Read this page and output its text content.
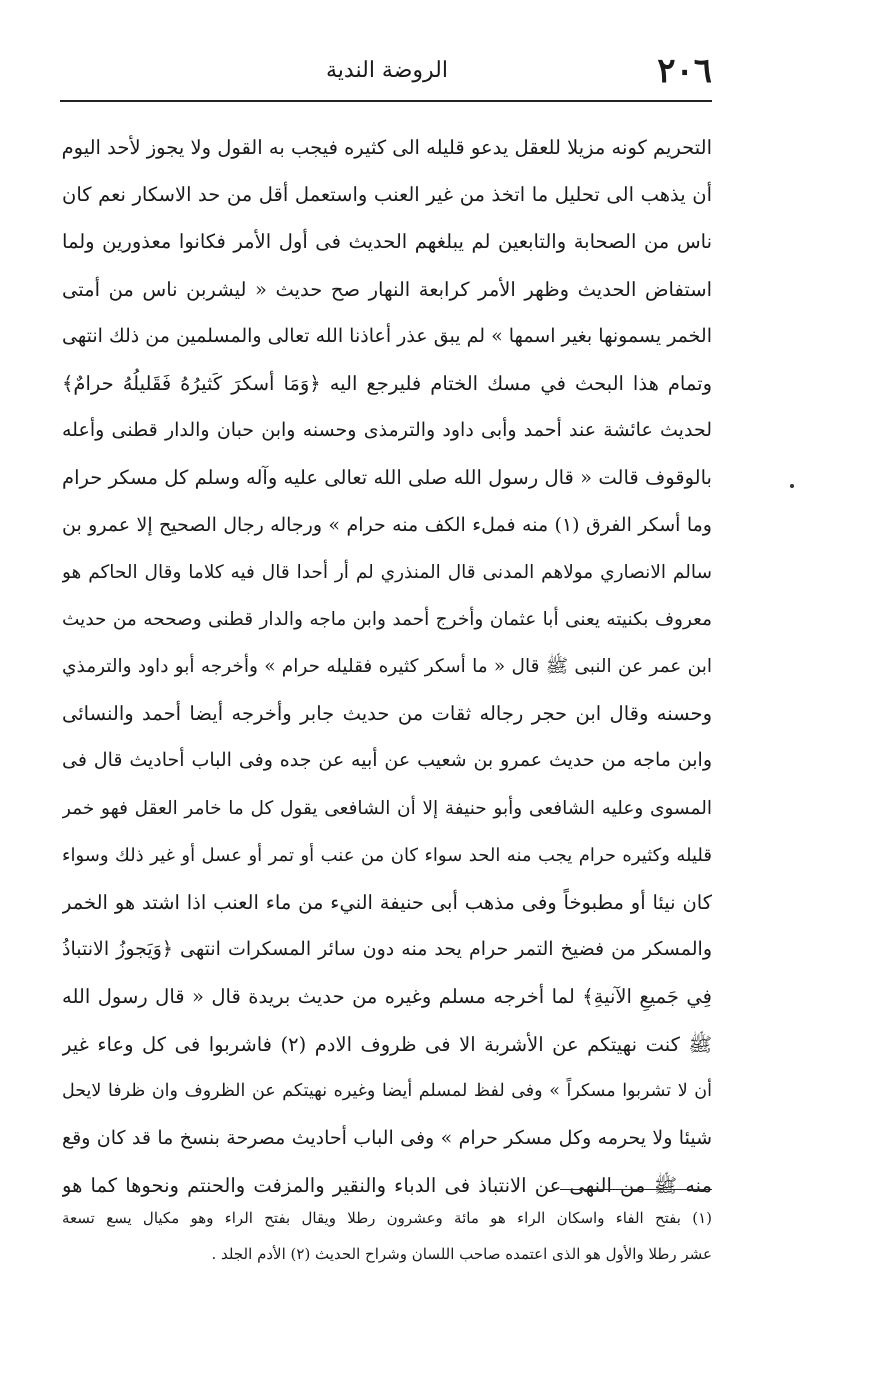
٢٠٦
الروضة الندية
التحريم كونه مزيلا للعقل يدعو قليله الى كثيره فيجب به القول ولا يجوز لأحد اليوم
أن يذهب الى تحليل ما اتخذ من غير العنب واستعمل أقل من حد الاسكار نعم كان
ناس من الصحابة والتابعين لم يبلغهم الحديث فى أول الأمر فكانوا معذورين ولما
استفاض الحديث وظهر الأمر كرابعة النهار صح حديث « ليشربن ناس من أمتى
الخمر يسمونها بغير اسمها » لم يبق عذر أعاذنا الله تعالى والمسلمين من ذلك انتهى
وتمام هذا البحث في مسك الختام فليرجع اليه ﴿وَمَا أسكرَ كَثيرُهُ فَقَليلُهُ حرامٌ﴾
لحديث عائشة عند أحمد وأبى داود والترمذى وحسنه وابن حبان والدار قطنى وأعله
بالوقوف قالت « قال رسول الله صلى الله تعالى عليه وآله وسلم كل مسكر حرام
وما أسكر الفرق (١) منه فملء الكف منه حرام » ورجاله رجال الصحيح إلا عمرو بن
سالم الانصاري مولاهم المدنى قال المنذري لم أر أحدا قال فيه كلاما وقال الحاكم هو
معروف بكنيته يعنى أبا عثمان وأخرج أحمد وابن ماجه والدار قطنى وصححه من حديث
ابن عمر عن النبى ﷺ قال « ما أسكر كثيره فقليله حرام » وأخرجه أبو داود والترمذي
وحسنه وقال ابن حجر رجاله ثقات من حديث جابر وأخرجه أيضا أحمد والنسائى
وابن ماجه من حديث عمرو بن شعيب عن أبيه عن جده وفى الباب أحاديث قال فى
المسوى وعليه الشافعى وأبو حنيفة إلا أن الشافعى يقول كل ما خامر العقل فهو خمر
قليله وكثيره حرام يجب منه الحد سواء كان من عنب أو تمر أو عسل أو غير ذلك وسواء
كان نيئا أو مطبوخاً وفى مذهب أبى حنيفة النيء من ماء العنب اذا اشتد هو الخمر
والمسكر من فضيخ التمر حرام يحد منه دون سائر المسكرات انتهى ﴿وَيَجوزُ الانتباذُ
فِي جَميعِ الآنيةِ﴾ لما أخرجه مسلم وغيره من حديث بريدة قال « قال رسول الله
ﷺ كنت نهيتكم عن الأشربة الا فى ظروف الادم (٢) فاشربوا فى كل وعاء غير
أن لا تشربوا مسكراً » وفى لفظ لمسلم أيضا وغيره نهيتكم عن الظروف وان ظرفا لايحل
شيئا ولا يحرمه وكل مسكر حرام » وفى الباب أحاديث مصرحة بنسخ ما قد كان وقع
منه ﷺ من النهى عن الانتباذ فى الدباء والنقير والمزفت والحنتم ونحوها كما هو
(١) بفتح الفاء واسكان الراء هو مائة وعشرون رطلا ويقال بفتح الراء وهو مكيال يسع تسعة
عشر رطلا والأول هو الذى اعتمده صاحب اللسان وشراح الحديث (٢) الأدم الجلد .
